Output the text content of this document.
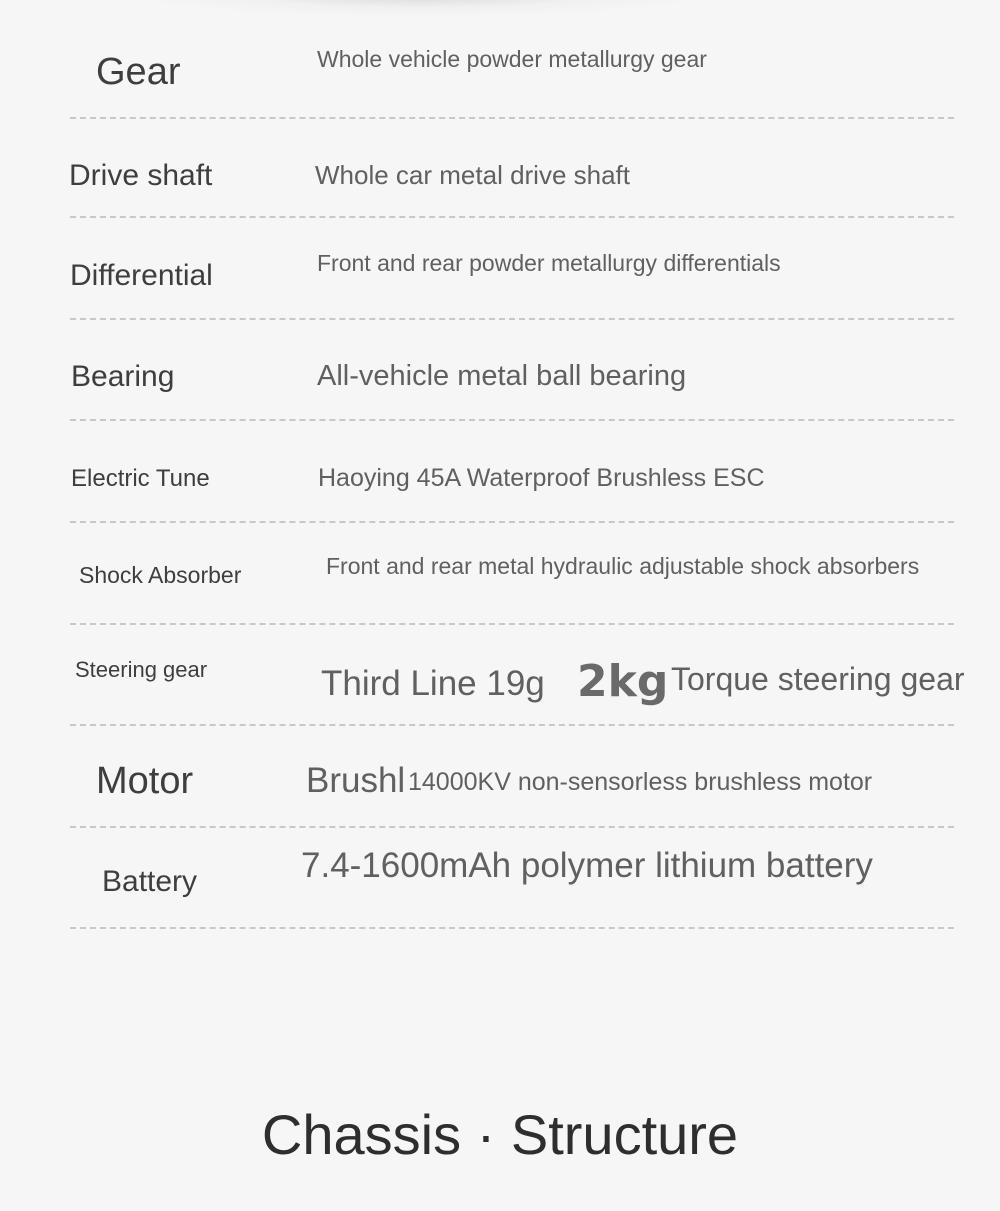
Gear	Whole vehicle powder metallurgy gear
Drive shaft	Whole car metal drive shaft
Differential	Front and rear powder metallurgy differentials
Bearing	All-vehicle metal ball bearing
Electric Tune	Haoying 45A Waterproof Brushless ESC
Shock Absorber	Front and rear metal hydraulic adjustable shock absorbers
Steering gear	Third Line 19g 2kg Torque steering gear
Motor	Brushl 14000KV non-sensorless brushless motor
Battery	7.4-1600mAh polymer lithium battery
Chassis · Structure
